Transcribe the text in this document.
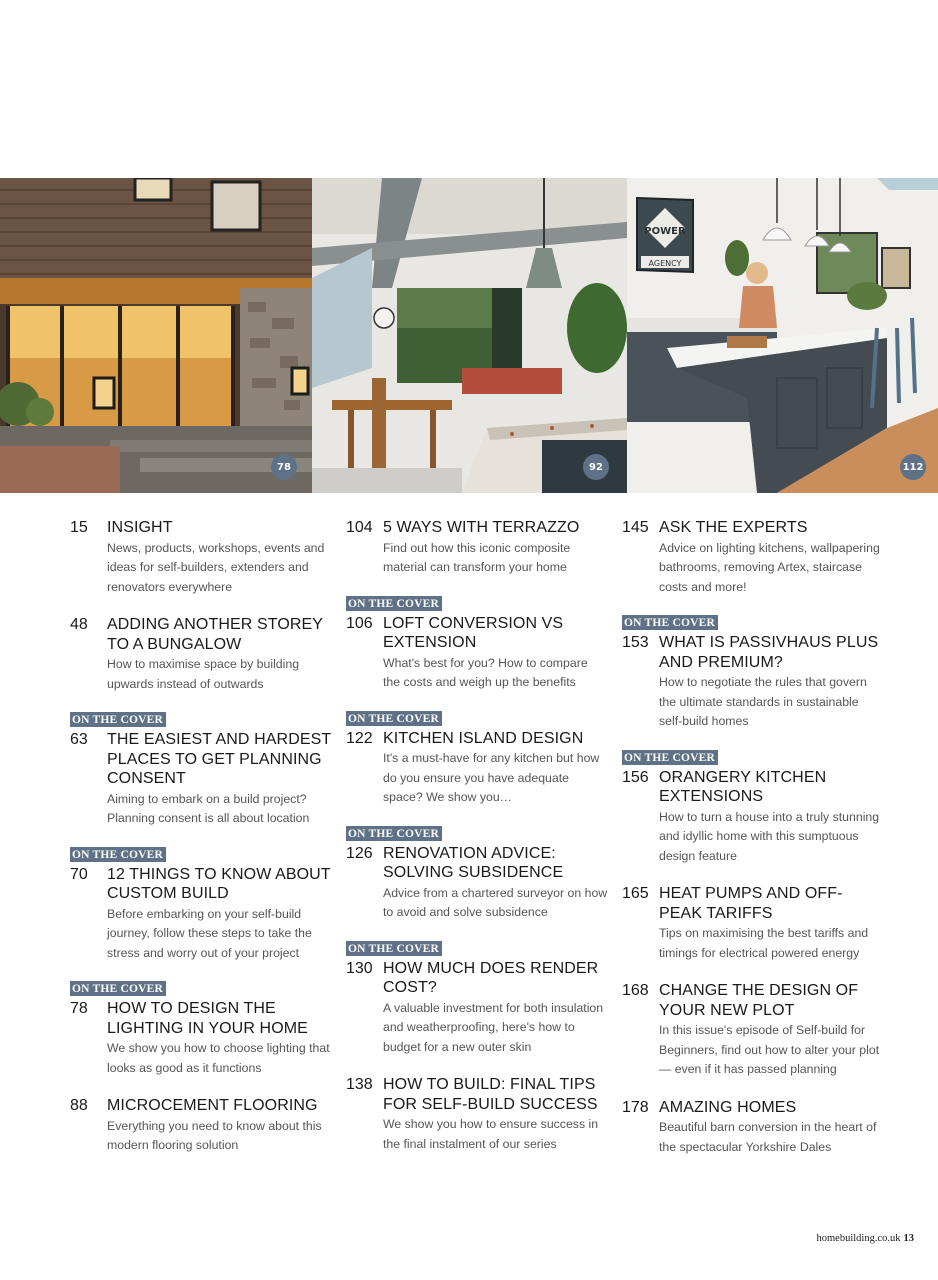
78	92
POWER
AGENCY
112
15	INSIGHT
News, products, workshops, events and ideas for self-builders, extenders and renovators everywhere
48	ADDING ANOTHER STOREY TO A BUNGALOW
How to maximise space by building upwards instead of outwards
ON THE COVER
63	THE EASIEST AND HARDEST PLACES TO GET PLANNING CONSENT
Aiming to embark on a build project? Planning consent is all about location
ON THE COVER
70	12 THINGS TO KNOW ABOUT CUSTOM BUILD
Before embarking on your self-build journey, follow these steps to take the stress and worry out of your project
ON THE COVER
78	HOW TO DESIGN THE LIGHTING IN YOUR HOME
We show you how to choose lighting that looks as good as it functions
88	MICROCEMENT FLOORING
Everything you need to know about this modern flooring solution
104 5 WAYS WITH TERRAZZO
Find out how this iconic composite material can transform your home
ON THE COVER
106 LOFT CONVERSION VS EXTENSION
What's best for you? How to compare the costs and weigh up the benefits
ON THE COVER
122 KITCHEN ISLAND DESIGN
It's a must-have for any kitchen but how do you ensure you have adequate space? We show you…
ON THE COVER
126 RENOVATION ADVICE: SOLVING SUBSIDENCE
Advice from a chartered surveyor on how to avoid and solve subsidence
ON THE COVER
130 HOW MUCH DOES RENDER COST?
A valuable investment for both insulation and weatherproofing, here's how to budget for a new outer skin
138 HOW TO BUILD: FINAL TIPS FOR SELF-BUILD SUCCESS
We show you how to ensure success in the final instalment of our series
145 ASK THE EXPERTS
Advice on lighting kitchens, wallpapering bathrooms, removing Artex, staircase costs and more!
ON THE COVER
153 WHAT IS PASSIVHAUS PLUS AND PREMIUM?
How to negotiate the rules that govern the ultimate standards in sustainable self-build homes
ON THE COVER
156 ORANGERY KITCHEN EXTENSIONS
How to turn a house into a truly stunning and idyllic home with this sumptuous design feature
165 HEAT PUMPS AND OFF-PEAK TARIFFS
Tips on maximising the best tariffs and timings for electrical powered energy
168 CHANGE THE DESIGN OF YOUR NEW PLOT
In this issue's episode of Self-build for Beginners, find out how to alter your plot — even if it has passed planning
178 AMAZING HOMES
Beautiful barn conversion in the heart of the spectacular Yorkshire Dales
homebuilding.co.uk 13
